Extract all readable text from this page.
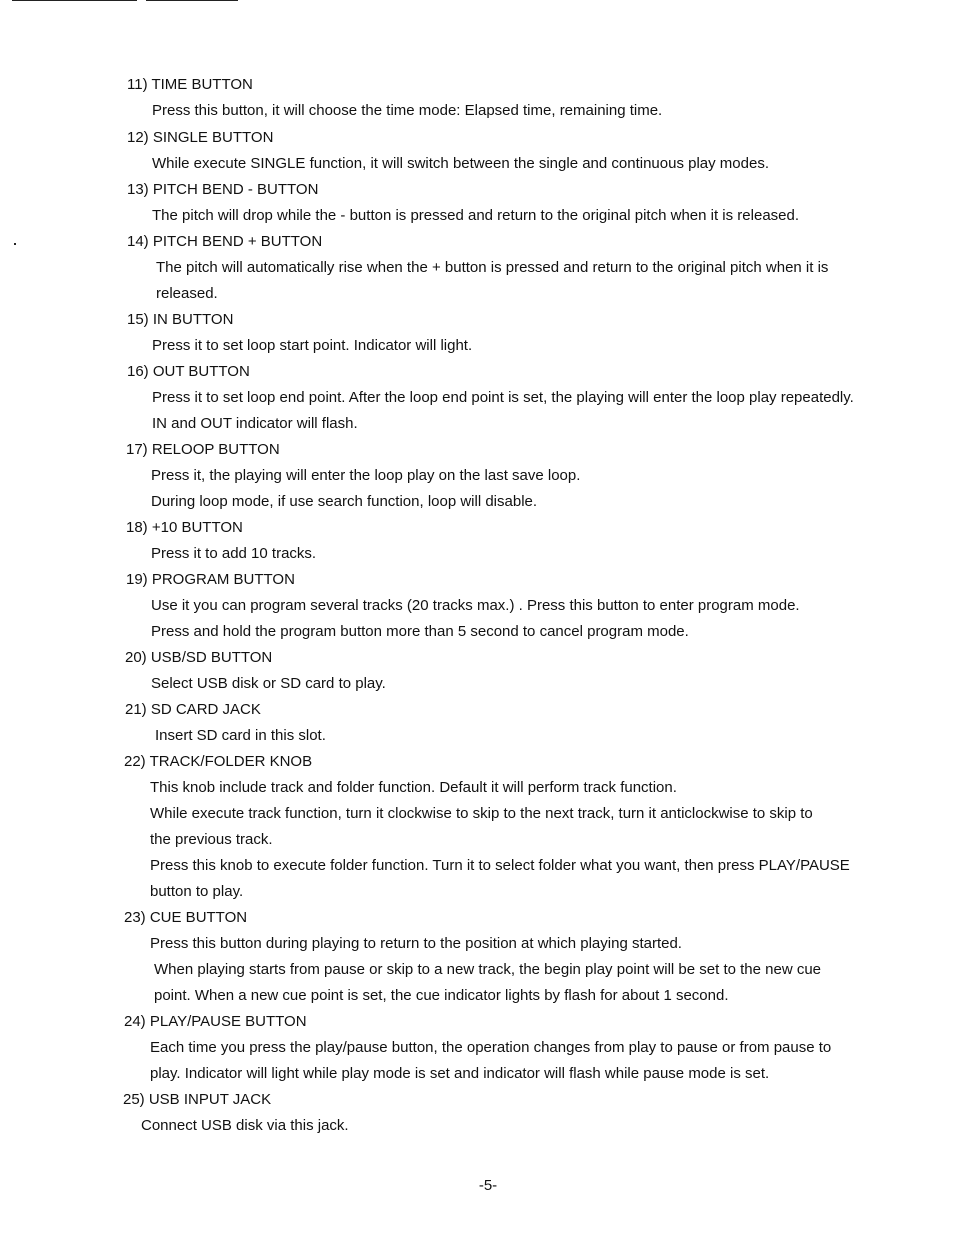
11) TIME BUTTON
Press this button, it will choose the time mode: Elapsed time, remaining time.
12) SINGLE BUTTON
While execute SINGLE function, it will switch between the single and continuous play modes.
13) PITCH BEND - BUTTON
The pitch will drop while the - button is pressed and return to the original pitch when it is released.
14) PITCH BEND + BUTTON
The pitch will automatically rise when the + button is pressed and return to the original pitch when it is
released.
15) IN BUTTON
Press it to set loop start point. Indicator will light.
16) OUT BUTTON
Press it to set loop end point. After the loop end point is set, the playing will enter the loop play repeatedly.
IN and OUT indicator will flash.
17) RELOOP BUTTON
Press it, the playing will enter the loop play on the last save loop.
During loop mode, if use search function, loop will disable.
18) +10 BUTTON
Press it to add 10 tracks.
19) PROGRAM BUTTON
Use it you can program several tracks (20 tracks max.) . Press this button to enter program mode.
Press and hold the program button more than 5 second to cancel program mode.
20) USB/SD BUTTON
Select USB disk or SD card to play.
21) SD CARD JACK
Insert SD card in this slot.
22) TRACK/FOLDER KNOB
This knob include track and folder function. Default it will perform track function.
While execute track function, turn it clockwise to skip to the next track, turn it anticlockwise to skip to
the previous track.
Press this knob to execute folder function. Turn it to select folder what you want, then press PLAY/PAUSE
button to play.
23) CUE BUTTON
Press this button during playing to return to the position at which playing started.
When playing starts from pause or skip to a new track, the begin play point will be set to the new cue
point. When a new cue point is set, the cue indicator lights by flash for about 1 second.
24) PLAY/PAUSE BUTTON
Each time you press the play/pause button, the operation changes from play to pause or from pause to
play. Indicator will light while play mode is set and indicator will flash while pause mode is set.
25) USB INPUT JACK
Connect USB disk via this jack.
-5-
